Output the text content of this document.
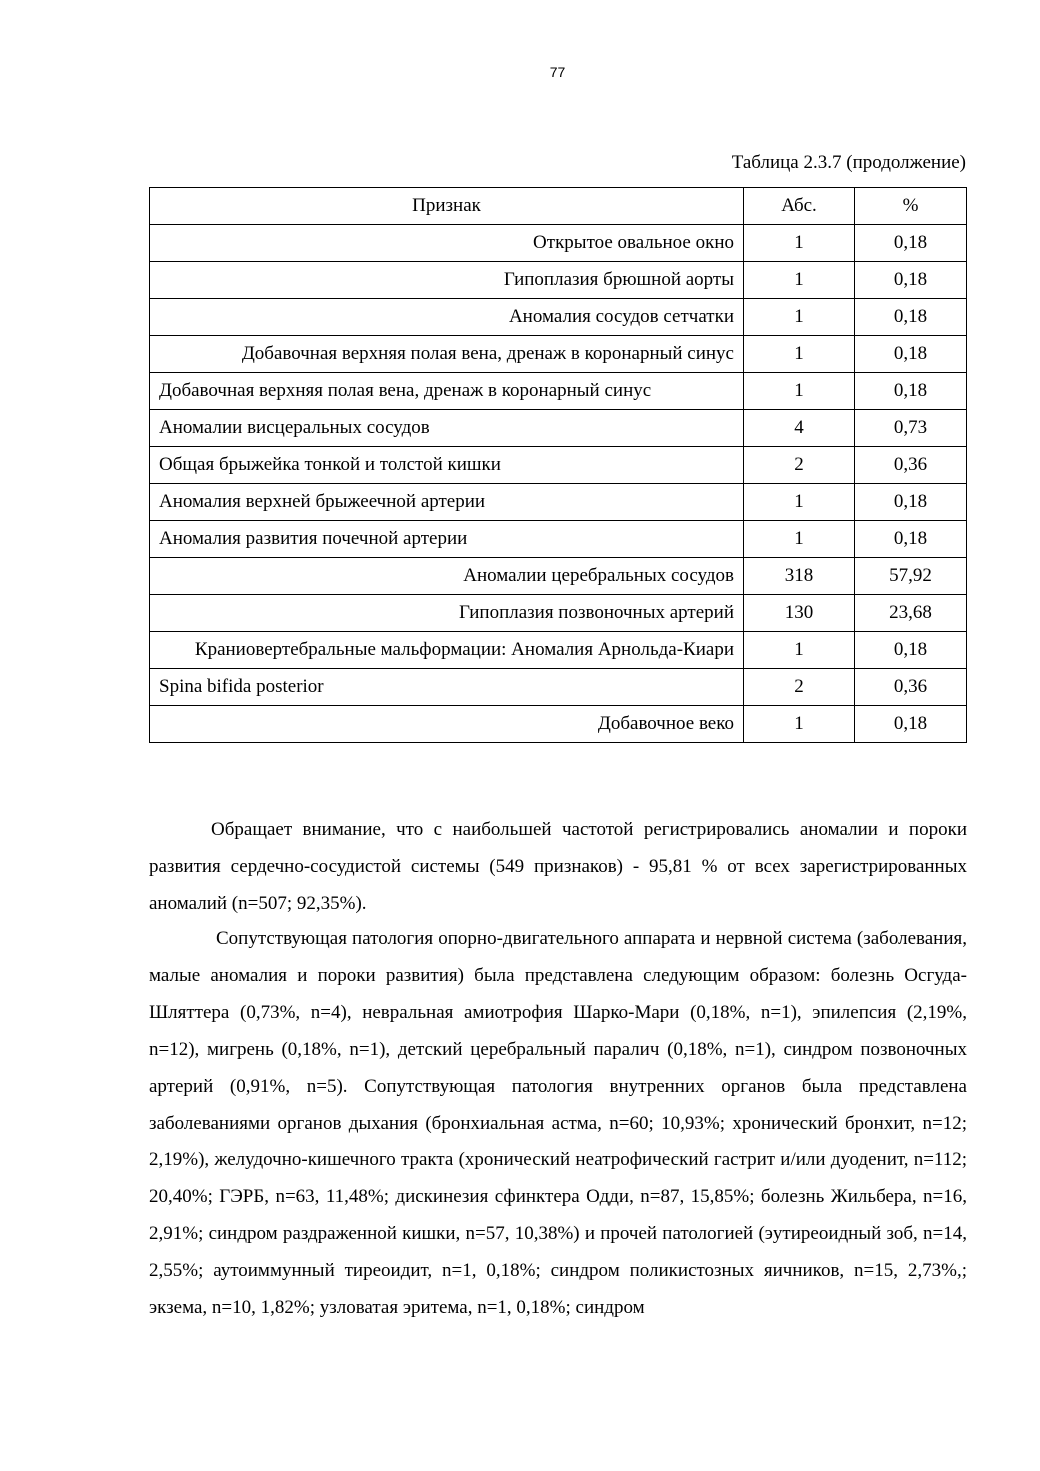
77
Таблица 2.3.7 (продолжение)
Признак	Абс.	%
Открытое овальное окно	1	0,18
Гипоплазия брюшной аорты	1	0,18
Аномалия сосудов сетчатки	1	0,18
Добавочная верхняя полая вена, дренаж в коронарный синус	1	0,18
Добавочная верхняя полая вена, дренаж в коронарный синус	1	0,18
Аномалии висцеральных сосудов	4	0,73
Общая брыжейка тонкой и толстой кишки	2	0,36
Аномалия верхней брыжеечной артерии	1	0,18
Аномалия развития почечной артерии	1	0,18
Аномалии церебральных сосудов	318	57,92
Гипоплазия позвоночных артерий	130	23,68
Краниовертебральные мальформации: Аномалия Арнольда-Киари	1	0,18
Spina bifida posterior	2	0,36
Добавочное веко	1	0,18

Обращает внимание, что с наибольшей частотой регистрировались аномалии и пороки развития сердечно-сосудистой системы (549 признаков) - 95,81 % от всех зарегистрированных аномалий (n=507; 92,35%).

Сопутствующая патология опорно-двигательного аппарата и нервной система (заболевания, малые аномалия и пороки развития) была представлена следующим образом: болезнь Осгуда-Шляттера (0,73%, n=4), невральная амиотрофия Шарко-Мари (0,18%, n=1), эпилепсия (2,19%, n=12), мигрень (0,18%, n=1), детский церебральный паралич (0,18%, n=1), синдром позвоночных артерий (0,91%, n=5). Сопутствующая патология внутренних органов была представлена заболеваниями органов дыхания (бронхиальная астма, n=60; 10,93%; хронический бронхит, n=12; 2,19%), желудочно-кишечного тракта (хронический неатрофический гастрит и/или дуоденит, n=112; 20,40%; ГЭРБ, n=63, 11,48%; дискинезия сфинктера Одди, n=87, 15,85%; болезнь Жильбера, n=16, 2,91%; синдром раздраженной кишки, n=57, 10,38%) и прочей патологией (эутиреоидный зоб, n=14, 2,55%; аутоиммунный тиреоидит, n=1, 0,18%; синдром поликистозных яичников, n=15, 2,73%,; экзема, n=10, 1,82%; узловатая эритема, n=1, 0,18%; синдром
